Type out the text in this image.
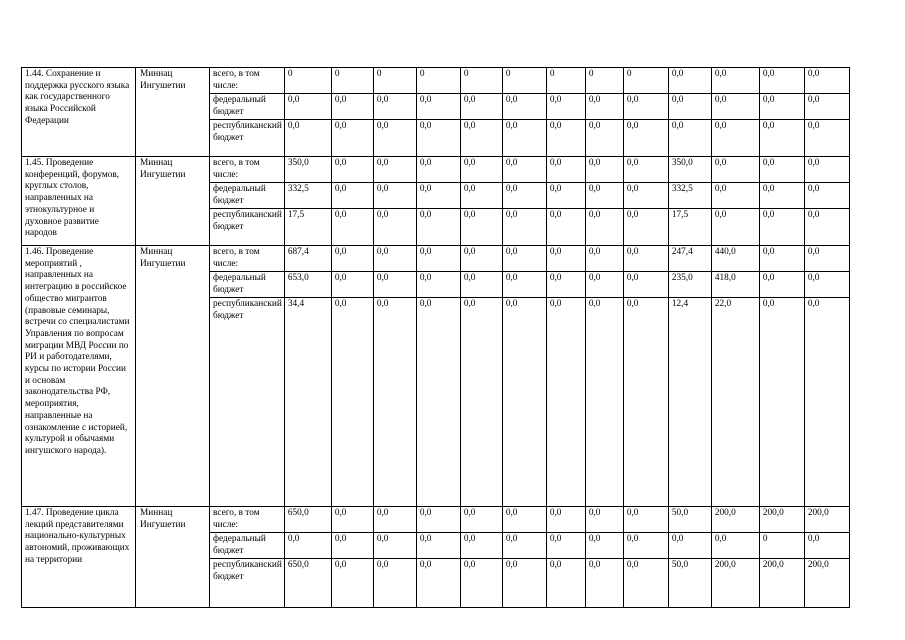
1.44. Сохранение и поддержка русского языка как государственного языка Российской Федерации	Миннац Ингушетии	всего, в том числе:	0	0	0	0	0	0	0	0	0	0,0	0,0	0,0	0,0
		федеральный бюджет	0,0	0,0	0,0	0,0	0,0	0,0	0,0	0,0	0,0	0,0	0,0	0,0	0,0
		республиканский бюджет	0,0	0,0	0,0	0,0	0,0	0,0	0,0	0,0	0,0	0,0	0,0	0,0	0,0
1.45. Проведение конференций, форумов, круглых столов, направленных на этнокультурное и духовное развитие народов	Миннац Ингушетии	всего, в том числе:	350,0	0,0	0,0	0,0	0,0	0,0	0,0	0,0	0,0	350,0	0,0	0,0	0,0
		федеральный бюджет	332,5	0,0	0,0	0,0	0,0	0,0	0,0	0,0	0,0	332,5	0,0	0,0	0,0
		республиканский бюджет	17,5	0,0	0,0	0,0	0,0	0,0	0,0	0,0	0,0	17,5	0,0	0,0	0,0
1.46. Проведение мероприятий , направленных на интеграцию в российское общество мигрантов (правовые семинары, встречи со специалистами Управления по вопросам миграции МВД России по РИ и работодателями, курсы по истории России и основам законодательства РФ, мероприятия, направленные на ознакомление с историей, культурой и обычаями ингушского народа).	Миннац Ингушетии	всего, в том числе:	687,4	0,0	0,0	0,0	0,0	0,0	0,0	0,0	0,0	247,4	440,0	0,0	0,0
		федеральный бюджет	653,0	0,0	0,0	0,0	0,0	0,0	0,0	0,0	0,0	235,0	418,0	0,0	0,0
		республиканский бюджет	34,4	0,0	0,0	0,0	0,0	0,0	0,0	0,0	0,0	12,4	22,0	0,0	0,0
1.47. Проведение цикла лекций представителями национально-культурных автономий, проживающих на территории	Миннац Ингушетии	всего, в том числе:	650,0	0,0	0,0	0,0	0,0	0,0	0,0	0,0	0,0	50,0	200,0	200,0	200,0
		федеральный бюджет	0,0	0,0	0,0	0,0	0,0	0,0	0,0	0,0	0,0	0,0	0,0	0	0,0
		республиканский бюджет	650,0	0,0	0,0	0,0	0,0	0,0	0,0	0,0	0,0	50,0	200,0	200,0	200,0
